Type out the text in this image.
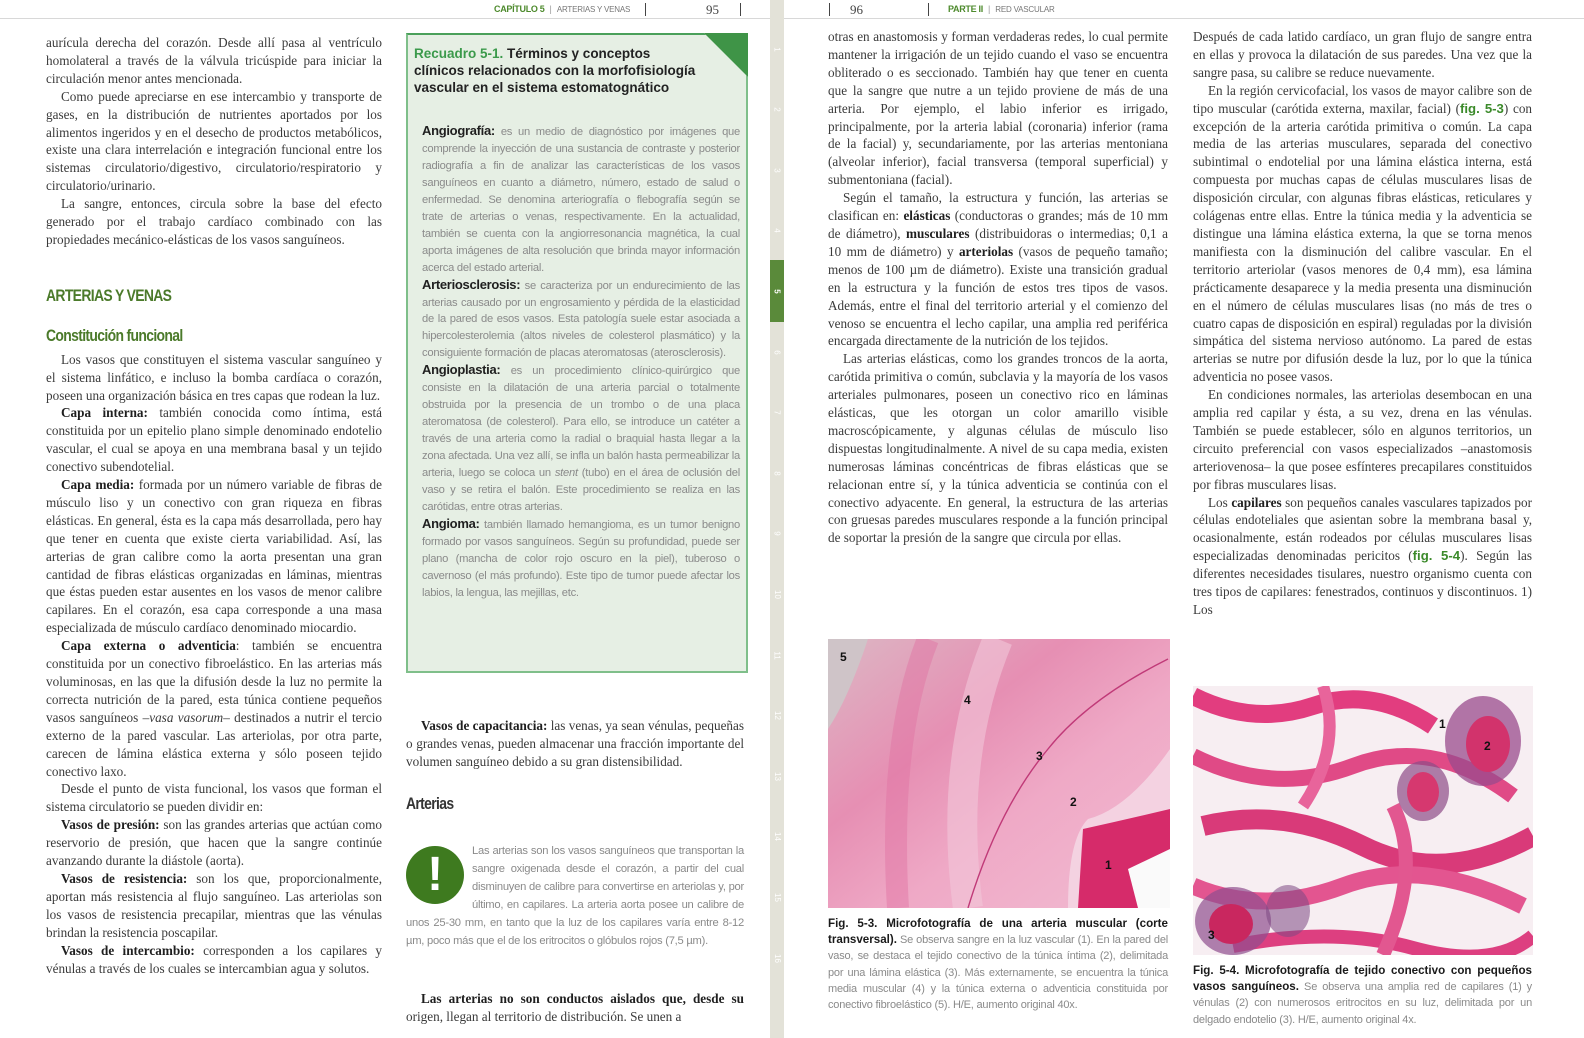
CAPÍTULO 5 | ARTERIAS Y VENAS	95

aurícula derecha del corazón. Desde allí pasa al ventrículo homolateral a través de la válvula tricúspide para iniciar la circulación menor antes mencionada.

Como puede apreciarse en ese intercambio y transporte de gases, en la distribución de nutrientes aportados por los alimentos ingeridos y en el desecho de productos metabólicos, existe una clara interrelación e integración funcional entre los sistemas circulatorio/digestivo, circulatorio/respiratorio y circulatorio/urinario.

La sangre, entonces, circula sobre la base del efecto generado por el trabajo cardíaco combinado con las propiedades mecánico-elásticas de los vasos sanguíneos.

ARTERIAS Y VENAS
Constitución funcional

Los vasos que constituyen el sistema vascular sanguíneo y el sistema linfático, e incluso la bomba cardíaca o corazón, poseen una organización básica en tres capas que rodean la luz.

Capa interna: también conocida como íntima, está constituida por un epitelio plano simple denominado endotelio vascular, el cual se apoya en una membrana basal y un tejido conectivo subendotelial.

Capa media: formada por un número variable de fibras de músculo liso y un conectivo con gran riqueza en fibras elásticas. En general, ésta es la capa más desarrollada, pero hay que tener en cuenta que existe cierta variabilidad. Así, las arterias de gran calibre como la aorta presentan una gran cantidad de fibras elásticas organizadas en láminas, mientras que éstas pueden estar ausentes en los vasos de menor calibre capilares. En el corazón, esa capa corresponde a una masa especializada de músculo cardíaco denominado miocardio.

Capa externa o adventicia: también se encuentra constituida por un conectivo fibroelástico. En las arterias más voluminosas, en las que la difusión desde la luz no permite la correcta nutrición de la pared, esta túnica contiene pequeños vasos sanguíneos –vasa vasorum– destinados a nutrir el tercio externo de la pared vascular. Las arteriolas, por otra parte, carecen de lámina elástica externa y sólo poseen tejido conectivo laxo.

Desde el punto de vista funcional, los vasos que forman el sistema circulatorio se pueden dividir en:

Vasos de presión: son las grandes arterias que actúan como reservorio de presión, que hacen que la sangre continúe avanzando durante la diástole (aorta).

Vasos de resistencia: son los que, proporcionalmente, aportan más resistencia al flujo sanguíneo. Las arteriolas son los vasos de resistencia precapilar, mientras que las vénulas brindan la resistencia poscapilar.

Vasos de intercambio: corresponden a los capilares y vénulas a través de los cuales se intercambian agua y solutos.

Recuadro 5-1. Términos y conceptos clínicos relacionados con la morfofisiología vascular en el sistema estomatognático

Angiografía: es un medio de diagnóstico por imágenes que comprende la inyección de una sustancia de contraste y posterior radiografía a fin de analizar las características de los vasos sanguíneos en cuanto a diámetro, número, estado de salud o enfermedad. Se denomina arteriografía o flebografía según se trate de arterias o venas, respectivamente. En la actualidad, también se cuenta con la angiorresonancia magnética, la cual aporta imágenes de alta resolución que brinda mayor información acerca del estado arterial.

Arteriosclerosis: se caracteriza por un endurecimiento de las arterias causado por un engrosamiento y pérdida de la elasticidad de la pared de esos vasos. Esta patología suele estar asociada a hipercolesterolemia (altos niveles de colesterol plasmático) y la consiguiente formación de placas ateromatosas (aterosclerosis).

Angioplastia: es un procedimiento clínico-quirúrgico que consiste en la dilatación de una arteria parcial o totalmente obstruida por la presencia de un trombo o de una placa ateromatosa (de colesterol). Para ello, se introduce un catéter a través de una arteria como la radial o braquial hasta llegar a la zona afectada. Una vez allí, se infla un balón hasta permeabilizar la arteria, luego se coloca un stent (tubo) en el área de oclusión del vaso y se retira el balón. Este procedimiento se realiza en las carótidas, entre otras arterias.

Angioma: también llamado hemangioma, es un tumor benigno formado por vasos sanguíneos. Según su profundidad, puede ser plano (mancha de color rojo oscuro en la piel), tuberoso o cavernoso (el más profundo). Este tipo de tumor puede afectar los labios, la lengua, las mejillas, etc.

Vasos de capacitancia: las venas, ya sean vénulas, pequeñas o grandes venas, pueden almacenar una fracción importante del volumen sanguíneo debido a su gran distensibilidad.

Arterias
!	Las arterias son los vasos sanguíneos que transportan la sangre oxigenada desde el corazón, a partir del cual disminuyen de calibre para convertirse en arteriolas y, por último, en capilares. La arteria aorta posee un calibre de unos 25-30 mm, en tanto que la luz de los capilares varía entre 8-12 µm, poco más que el de los eritrocitos o glóbulos rojos (7,5 µm).

Las arterias no son conductos aislados que, desde su origen, llegan al territorio de distribución. Se unen a

1
2
3
4
5
6
7
8
9
10
11
12
13
14
15
16
96	PARTE II | RED VASCULAR

otras en anastomosis y forman verdaderas redes, lo cual permite mantener la irrigación de un tejido cuando el vaso se encuentra obliterado o es seccionado. También hay que tener en cuenta que la sangre que nutre a un tejido proviene de más de una arteria. Por ejemplo, el labio inferior es irrigado, principalmente, por la arteria labial (coronaria) inferior (rama de la facial) y, secundariamente, por las arterias mentoniana (alveolar inferior), facial transversa (temporal superficial) y submentoniana (facial).

Según el tamaño, la estructura y función, las arterias se clasifican en: elásticas (conductoras o grandes; más de 10 mm de diámetro), musculares (distribuidoras o intermedias; 0,1 a 10 mm de diámetro) y arteriolas (vasos de pequeño tamaño; menos de 100 µm de diámetro). Existe una transición gradual en la estructura y la función de estos tres tipos de vasos. Además, entre el final del territorio arterial y el comienzo del venoso se encuentra el lecho capilar, una amplia red periférica encargada directamente de la nutrición de los tejidos.

Las arterias elásticas, como los grandes troncos de la aorta, carótida primitiva o común, subclavia y la mayoría de los vasos arteriales pulmonares, poseen un conectivo rico en láminas elásticas, que les otorgan un color amarillo visible macroscópicamente, y algunas células de músculo liso dispuestas longitudinalmente. A nivel de su capa media, existen numerosas láminas concéntricas de fibras elásticas que se relacionan entre sí, y la túnica adventicia se continúa con el conectivo adyacente. En general, la estructura de las arterias con gruesas paredes musculares responde a la función principal de soportar la presión de la sangre que circula por ellas.

Después de cada latido cardíaco, un gran flujo de sangre entra en ellas y provoca la dilatación de sus paredes. Una vez que la sangre pasa, su calibre se reduce nuevamente.

En la región cervicofacial, los vasos de mayor calibre son de tipo muscular (carótida externa, maxilar, facial) (fig. 5-3) con excepción de la arteria carótida primitiva o común. La capa media de las arterias musculares, separada del conectivo subintimal o endotelial por una lámina elástica interna, está compuesta por muchas capas de células musculares lisas de disposición circular, con algunas fibras elásticas, reticulares y colágenas entre ellas. Entre la túnica media y la adventicia se distingue una lámina elástica externa, la que se torna menos manifiesta con la disminución del calibre vascular. En el territorio arteriolar (vasos menores de 0,4 mm), esa lámina prácticamente desaparece y la media presenta una disminución en el número de células musculares lisas (no más de tres o cuatro capas de disposición en espiral) reguladas por la división simpática del sistema nervioso autónomo. La pared de estas arterias se nutre por difusión desde la luz, por lo que la túnica adventicia no posee vasos.

En condiciones normales, las arteriolas desembocan en una amplia red capilar y ésta, a su vez, drena en las vénulas. También se puede establecer, sólo en algunos territorios, un circuito preferencial con vasos especializados –anastomosis arteriovenosa– la que posee esfínteres precapilares constituidos por fibras musculares lisas.

Los capilares son pequeños canales vasculares tapizados por células endoteliales que asientan sobre la membrana basal y, ocasionalmente, están rodeados por células musculares lisas especializadas denominadas pericitos (fig. 5-4). Según las diferentes necesidades tisulares, nuestro organismo cuenta con tres tipos de capilares: fenestrados, continuos y discontinuos. 1) Los

5
4
3
2
1
Fig. 5-3. Microfotografía de una arteria muscular (corte transversal). Se observa sangre en la luz vascular (1). En la pared del vaso, se destaca el tejido conectivo de la túnica íntima (2), delimitada por una lámina elástica (3). Más externamente, se encuentra la túnica media muscular (4) y la túnica externa o adventicia constituida por conectivo fibroelástico (5). H/E, aumento original 40x.
1
2
3
Fig. 5-4. Microfotografía de tejido conectivo con pequeños vasos sanguíneos. Se observa una amplia red de capilares (1) y vénulas (2) con numerosos eritrocitos en su luz, delimitada por un delgado endotelio (3). H/E, aumento original 4x.
